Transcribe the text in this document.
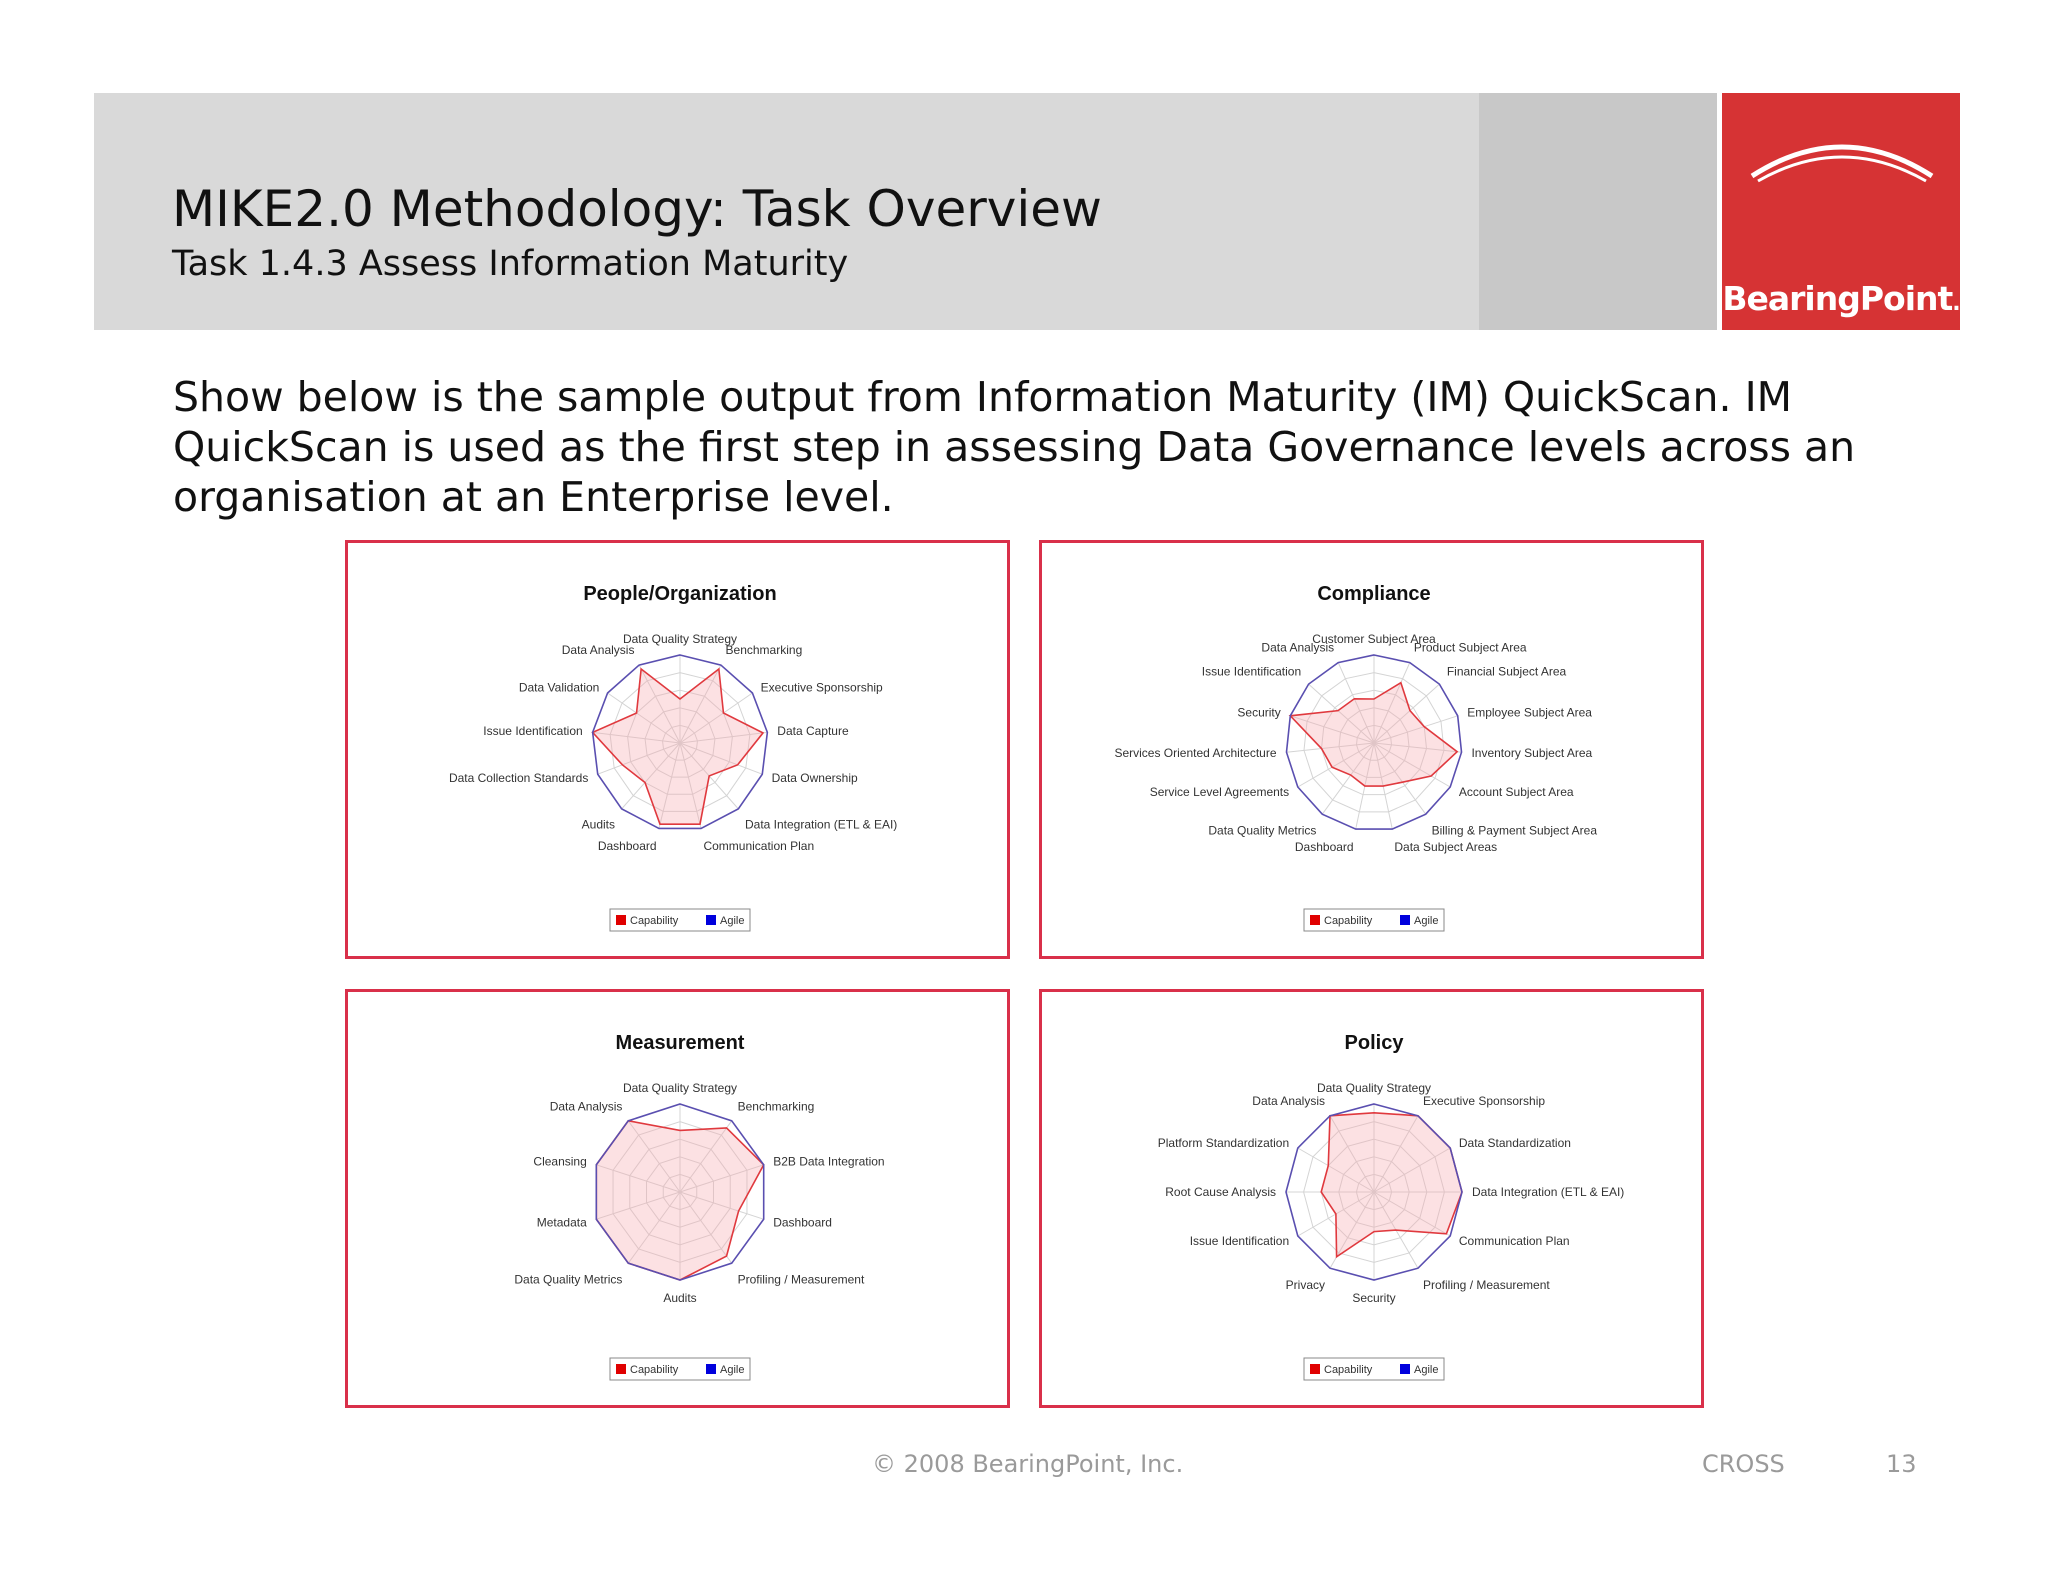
BearingPoint.
MIKE2.0 Methodology: Task Overview
Task 1.4.3 Assess Information Maturity
Show below is the sample output from Information Maturity (IM) QuickScan. IM QuickScan is used as the first step in assessing Data Governance levels across an organisation at an Enterprise level.
People/Organization
Data Quality Strategy
Benchmarking
Executive Sponsorship
Data Capture
Data Ownership
Data Integration (ETL & EAI)
Communication Plan
Dashboard
Audits
Data Collection Standards
Issue Identification
Data Validation
Data Analysis
Capability	Agile
Compliance
Customer Subject Area
Product Subject Area
Financial Subject Area
Employee Subject Area
Inventory Subject Area
Account Subject Area
Billing & Payment Subject Area
Data Subject Areas
Dashboard
Data Quality Metrics
Service Level Agreements
Services Oriented Architecture
Security
Issue Identification
Data Analysis
Capability	Agile
Measurement
Data Quality Strategy
Benchmarking
B2B Data Integration
Dashboard
Profiling / Measurement
Audits
Data Quality Metrics
Metadata
Cleansing
Data Analysis
Capability	Agile
Policy
Data Quality Strategy
Executive Sponsorship
Data Standardization
Data Integration (ETL & EAI)
Communication Plan
Profiling / Measurement
Security
Privacy
Issue Identification
Root Cause Analysis
Platform Standardization
Data Analysis
Capability	Agile
© 2008 BearingPoint, Inc.	CROSS	13
